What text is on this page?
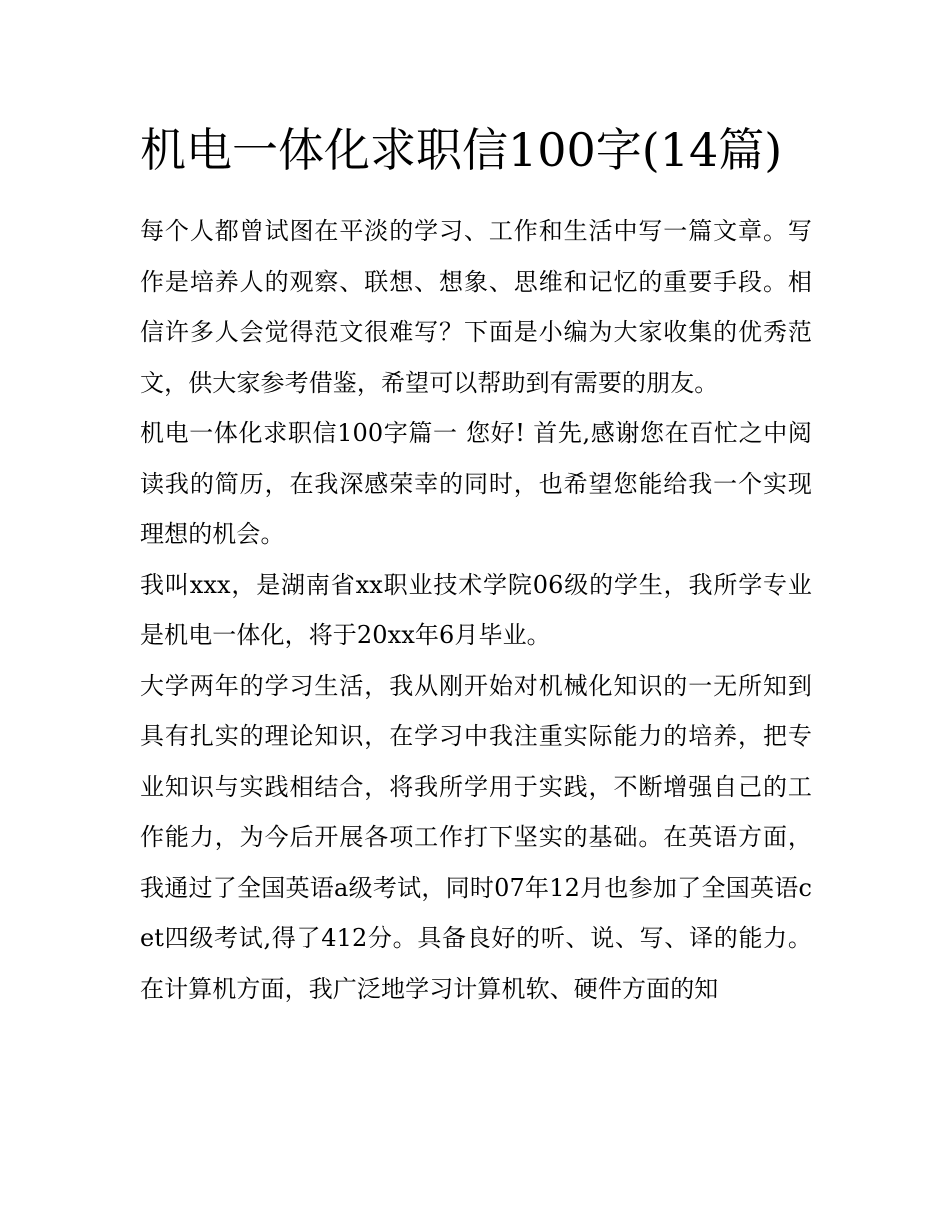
机电一体化求职信100字(14篇)

每个人都曾试图在平淡的学习、工作和生活中写一篇文章。写作是培养人的观察、联想、想象、思维和记忆的重要手段。相信许多人会觉得范文很难写？下面是小编为大家收集的优秀范文，供大家参考借鉴，希望可以帮助到有需要的朋友。

机电一体化求职信100字篇一 您好! 首先,感谢您在百忙之中阅读我的简历，在我深感荣幸的同时，也希望您能给我一个实现理想的机会。

我叫xxx，是湖南省xx职业技术学院06级的学生，我所学专业是机电一体化，将于20xx年6月毕业。

大学两年的学习生活，我从刚开始对机械化知识的一无所知到具有扎实的理论知识，在学习中我注重实际能力的培养，把专业知识与实践相结合，将我所学用于实践，不断增强自己的工作能力，为今后开展各项工作打下坚实的基础。在英语方面，我通过了全国英语a级考试，同时07年12月也参加了全国英语cet四级考试,得了412分。具备良好的听、说、写、译的能力。在计算机方面，我广泛地学习计算机软、硬件方面的知
